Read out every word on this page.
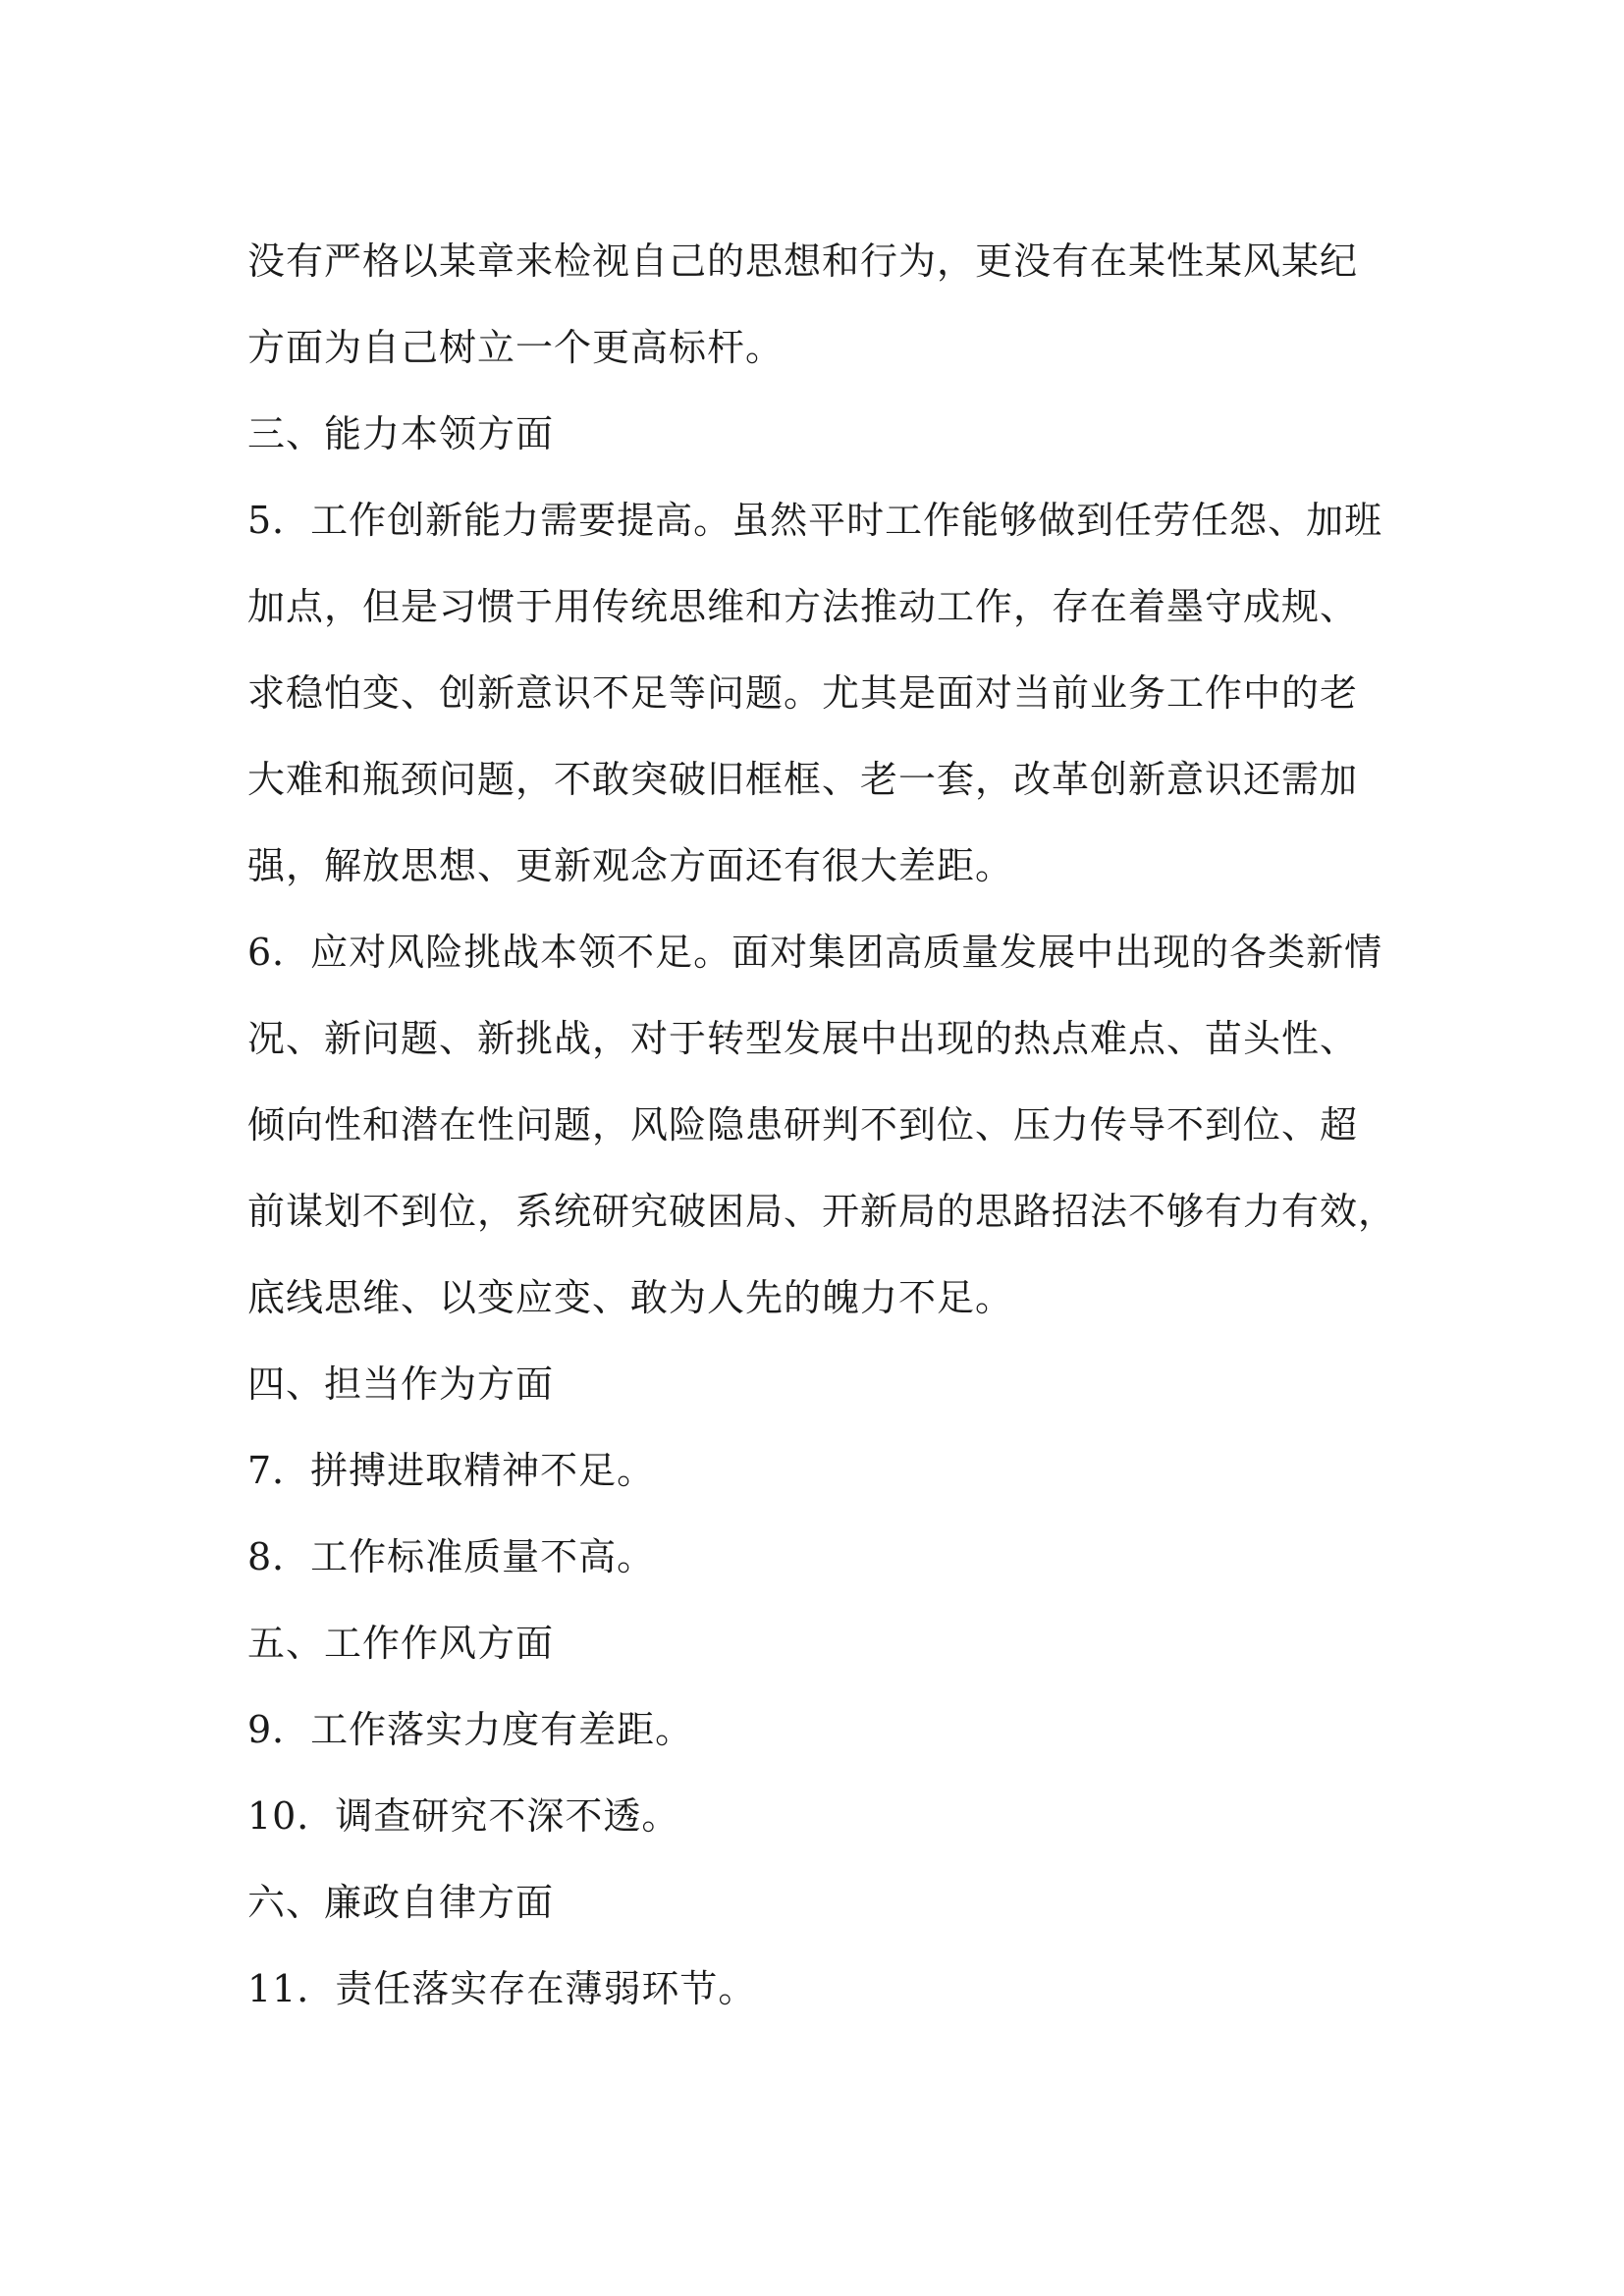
没有严格以某章来检视自己的思想和行为，更没有在某性某风某纪
方面为自己树立一个更高标杆。
三、能力本领方面
5．工作创新能力需要提高。虽然平时工作能够做到任劳任怨、加班
加点，但是习惯于用传统思维和方法推动工作，存在着墨守成规、
求稳怕变、创新意识不足等问题。尤其是面对当前业务工作中的老
大难和瓶颈问题，不敢突破旧框框、老一套，改革创新意识还需加
强，解放思想、更新观念方面还有很大差距。
6．应对风险挑战本领不足。面对集团高质量发展中出现的各类新情
况、新问题、新挑战，对于转型发展中出现的热点难点、苗头性、
倾向性和潜在性问题，风险隐患研判不到位、压力传导不到位、超
前谋划不到位，系统研究破困局、开新局的思路招法不够有力有效，
底线思维、以变应变、敢为人先的魄力不足。
四、担当作为方面
7．拼搏进取精神不足。
8．工作标准质量不高。
五、工作作风方面
9．工作落实力度有差距。
10．调查研究不深不透。
六、廉政自律方面
11．责任落实存在薄弱环节。
